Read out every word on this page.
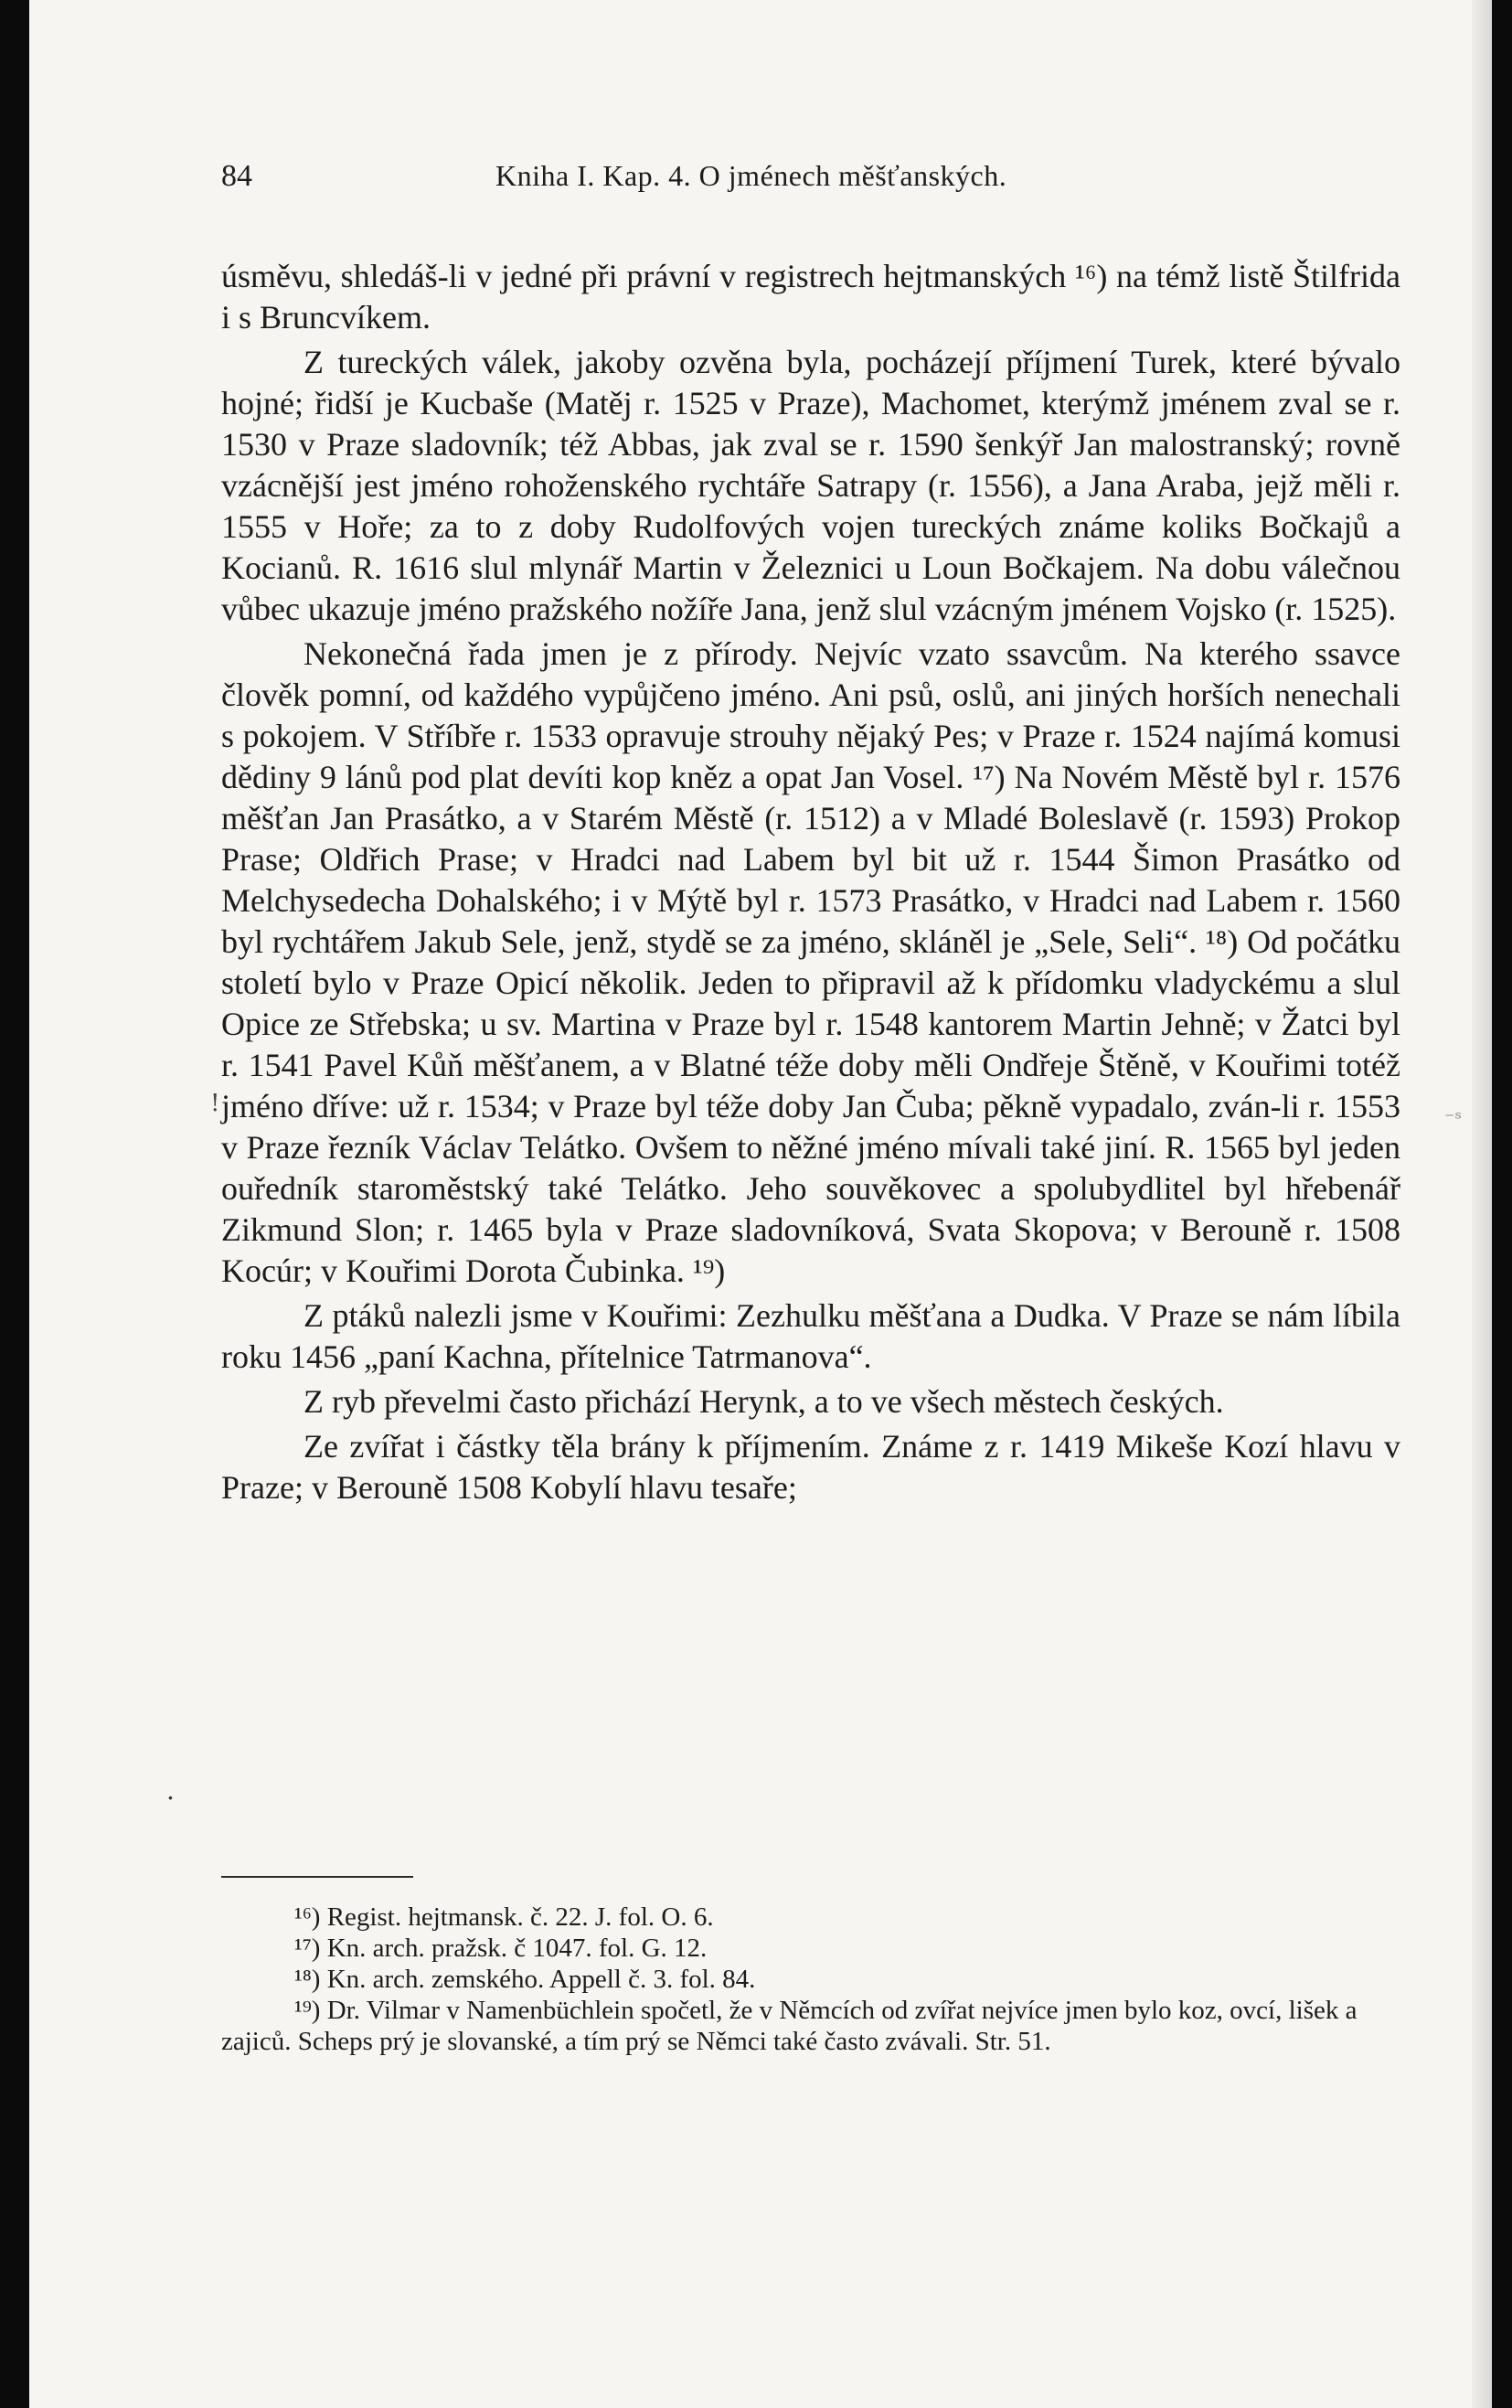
84	Kniha I. Kap. 4. O jménech měšťanských.

úsměvu, shledáš-li v jedné při právní v registrech hejtmanských ¹⁶) na témž listě Štilfrida i s Bruncvíkem.

Z tureckých válek, jakoby ozvěna byla, pocházejí příjmení Turek, které bývalo hojné; řidší je Kucbaše (Matěj r. 1525 v Praze), Machomet, kterýmž jménem zval se r. 1530 v Praze sladovník; též Abbas, jak zval se r. 1590 šenkýř Jan malostranský; rovně vzácnější jest jméno rohoženského rychtáře Satrapy (r. 1556), a Jana Araba, jejž měli r. 1555 v Hoře; za to z doby Rudolfových vojen tureckých známe koliks Bočkajů a Kocianů. R. 1616 slul mlynář Martin v Železnici u Loun Bočkajem. Na dobu válečnou vůbec ukazuje jméno pražského nožíře Jana, jenž slul vzácným jménem Vojsko (r. 1525).

Nekonečná řada jmen je z přírody. Nejvíc vzato ssavcům. Na kterého ssavce člověk pomní, od každého vypůjčeno jméno. Ani psů, oslů, ani jiných horších nenechali s pokojem. V Stříbře r. 1533 opravuje strouhy nějaký Pes; v Praze r. 1524 najímá komusi dědiny 9 lánů pod plat devíti kop kněz a opat Jan Vosel. ¹⁷) Na Novém Městě byl r. 1576 měšťan Jan Prasátko, a v Starém Městě (r. 1512) a v Mladé Boleslavě (r. 1593) Prokop Prase; Oldřich Prase; v Hradci nad Labem byl bit už r. 1544 Šimon Prasátko od Melchysedecha Dohalského; i v Mýtě byl r. 1573 Prasátko, v Hradci nad Labem r. 1560 byl rychtářem Jakub Sele, jenž, stydě se za jméno, skláněl je „Sele, Seli“. ¹⁸) Od počátku století bylo v Praze Opicí několik. Jeden to připravil až k přídomku vladyckému a slul Opice ze Střebska; u sv. Martina v Praze byl r. 1548 kantorem Martin Jehně; v Žatci byl r. 1541 Pavel Kůň měšťanem, a v Blatné téže doby měli Ondřeje Štěně, v Kouřimi totéž jméno dříve: už r. 1534; v Praze byl téže doby Jan Čuba; pěkně vypadalo, zván-li r. 1553 v Praze řezník Václav Telátko. Ovšem to něžné jméno mívali také jiní. R. 1565 byl jeden ouředník staroměstský také Telátko. Jeho souvěkovec a spolubydlitel byl hřebenář Zikmund Slon; r. 1465 byla v Praze sladovníková, Svata Skopova; v Berouně r. 1508 Kocúr; v Kouřimi Dorota Čubinka. ¹⁹)

Z ptáků nalezli jsme v Kouřimi: Zezhulku měšťana a Dudka. V Praze se nám líbila roku 1456 „paní Kachna, přítelnice Tatrmanova“.

Z ryb převelmi často přichází Herynk, a to ve všech městech českých.

Ze zvířat i částky těla brány k příjmením. Známe z r. 1419 Mikeše Kozí hlavu v Praze; v Berouně 1508 Kobylí hlavu tesaře;

¹⁶) Regist. hejtmansk. č. 22. J. fol. O. 6.

¹⁷) Kn. arch. pražsk. č 1047. fol. G. 12.

¹⁸) Kn. arch. zemského. Appell č. 3. fol. 84.

¹⁹) Dr. Vilmar v Namenbüchlein spočetl, že v Němcích od zvířat nejvíce jmen bylo koz, ovcí, lišek a zajiců. Scheps prý je slovanské, a tím prý se Němci také často zvávali. Str. 51.

!
⁻ˢ
.
